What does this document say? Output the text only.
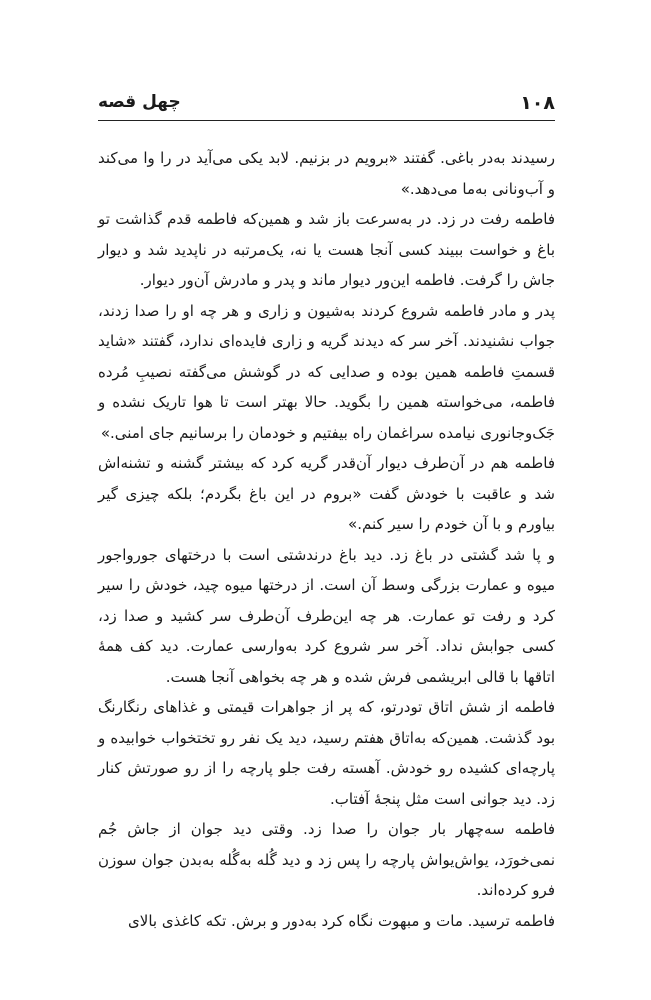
۱۰۸
چهل قصه

رسیدند به‌در باغی. گفتند «برویم در بزنیم. لابد یکی می‌آید در را وا می‌کند و آب‌ونانی به‌ما می‌دهد.»

فاطمه رفت در زد. در به‌سرعت باز شد و همین‌که فاطمه قدم گذاشت تو باغ و خواست ببیند کسی آنجا هست یا نه، یک‌مرتبه در ناپدید شد و دیوار جاش را گرفت. فاطمه این‌ور دیوار ماند و پدر و مادرش آن‌ور دیوار.

پدر و مادر فاطمه شروع کردند به‌شیون و زاری و هر چه او را صدا زدند، جواب نشنیدند. آخر سر که دیدند گریه و زاری فایده‌ای ندارد، گفتند «شاید قسمتِ فاطمه همین بوده و صدایی که در گوشش می‌گفته نصیبِ مُرده فاطمه، می‌خواسته همین را بگوید. حالا بهتر است تا هوا تاریک نشده و جَک‌وجانوری نیامده سراغمان راه بیفتیم و خودمان را برسانیم جای امنی.»

فاطمه هم در آن‌طرف دیوار آن‌قدر گریه کرد که بیشتر گشنه و تشنه‌اش شد و عاقبت با خودش گفت «بروم در این باغ بگردم؛ بلکه چیزی گیر بیاورم و با آن خودم را سیر کنم.»

و پا شد گشتی در باغ زد. دید باغ درندشتی است با درختهای جورواجور میوه و عمارت بزرگی وسط آن است. از درختها میوه چید، خودش را سیر کرد و رفت تو عمارت. هر چه این‌طرف آن‌طرف سر کشید و صدا زد، کسی جوابش نداد. آخر سر شروع کرد به‌وارسی عمارت. دید کف همهٔ اتاقها با قالی ابریشمی فرش شده و هر چه بخواهی آنجا هست.

فاطمه از شش اتاق تودرتو، که پر از جواهرات قیمتی و غذاهای رنگارنگ بود گذشت. همین‌که به‌اتاق هفتم رسید، دید یک نفر رو تختخواب خوابیده و پارچه‌ای کشیده رو خودش. آهسته رفت جلو پارچه را از رو صورتش کنار زد. دید جوانی است مثل پنجهٔ آفتاب.

فاطمه سه‌چهار بار جوان را صدا زد. وقتی دید جوان از جاش جُم نمی‌خورَد، یواش‌یواش پارچه را پس زد و دید گُله به‌گُله به‌بدن جوان سوزن فرو کرده‌اند.

فاطمه ترسید. مات و مبهوت نگاه کرد به‌دور و برش. تکه کاغذی بالای
